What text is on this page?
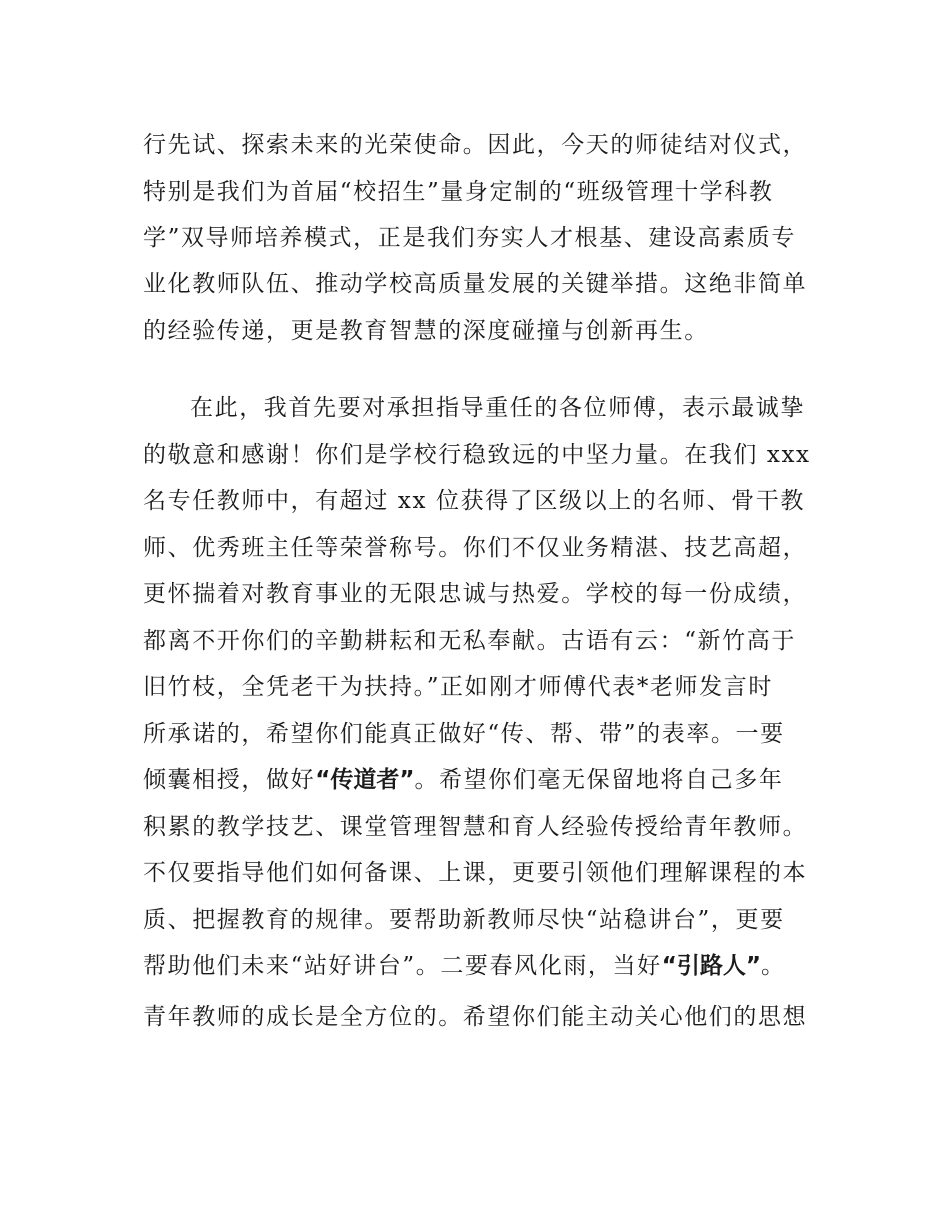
行先试、探索未来的光荣使命。因此，今天的师徒结对仪式，
特别是我们为首届“校招生”量身定制的“班级管理十学科教
学”双导师培养模式，正是我们夯实人才根基、建设高素质专
业化教师队伍、推动学校高质量发展的关键举措。这绝非简单
的经验传递，更是教育智慧的深度碰撞与创新再生。
在此，我首先要对承担指导重任的各位师傅，表示最诚挚
的敬意和感谢！你们是学校行稳致远的中坚力量。在我们 xxx
名专任教师中，有超过 xx 位获得了区级以上的名师、骨干教
师、优秀班主任等荣誉称号。你们不仅业务精湛、技艺高超，
更怀揣着对教育事业的无限忠诚与热爱。学校的每一份成绩，
都离不开你们的辛勤耕耘和无私奉献。古语有云：“新竹高于
旧竹枝，全凭老干为扶持。”正如刚才师傅代表*老师发言时
所承诺的，希望你们能真正做好“传、帮、带”的表率。一要
倾囊相授，做好“传道者”。希望你们毫无保留地将自己多年
积累的教学技艺、课堂管理智慧和育人经验传授给青年教师。
不仅要指导他们如何备课、上课，更要引领他们理解课程的本
质、把握教育的规律。要帮助新教师尽快“站稳讲台”，更要
帮助他们未来“站好讲台”。二要春风化雨，当好“引路人”。
青年教师的成长是全方位的。希望你们能主动关心他们的思想
